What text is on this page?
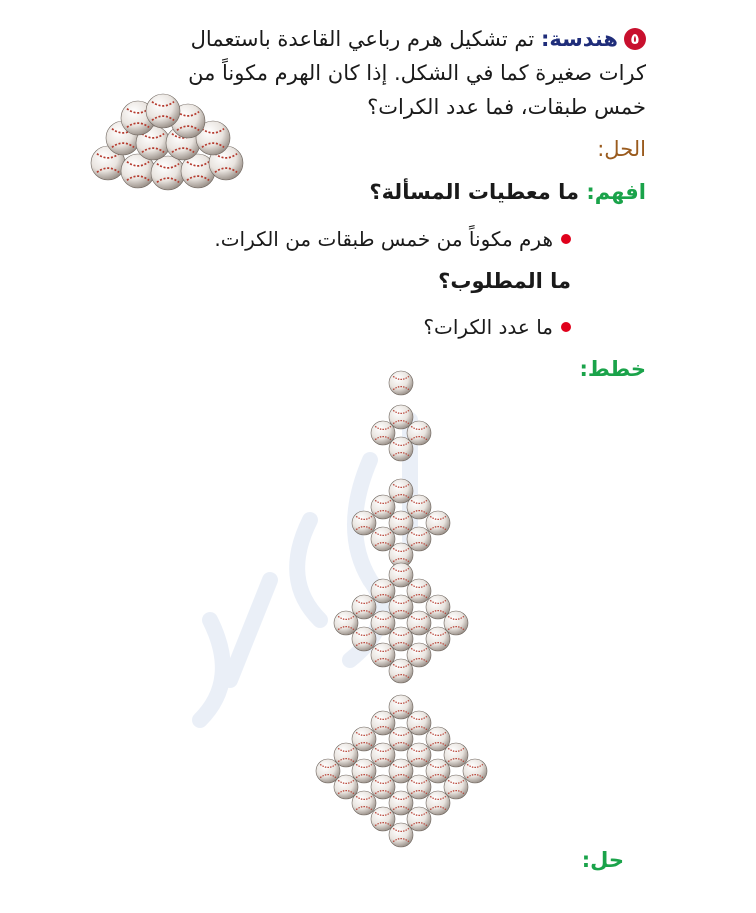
٥هندسة: تم تشكيل هرم رباعي القاعدة باستعمال
كرات صغيرة كما في الشكل. إذا كان الهرم مكوناً من
خمس طبقات، فما عدد الكرات؟
الحل:
افهم: ما معطيات المسألة؟
هرم مكوناً من خمس طبقات من الكرات.
ما المطلوب؟
ما عدد الكرات؟
خطط:
حل:
